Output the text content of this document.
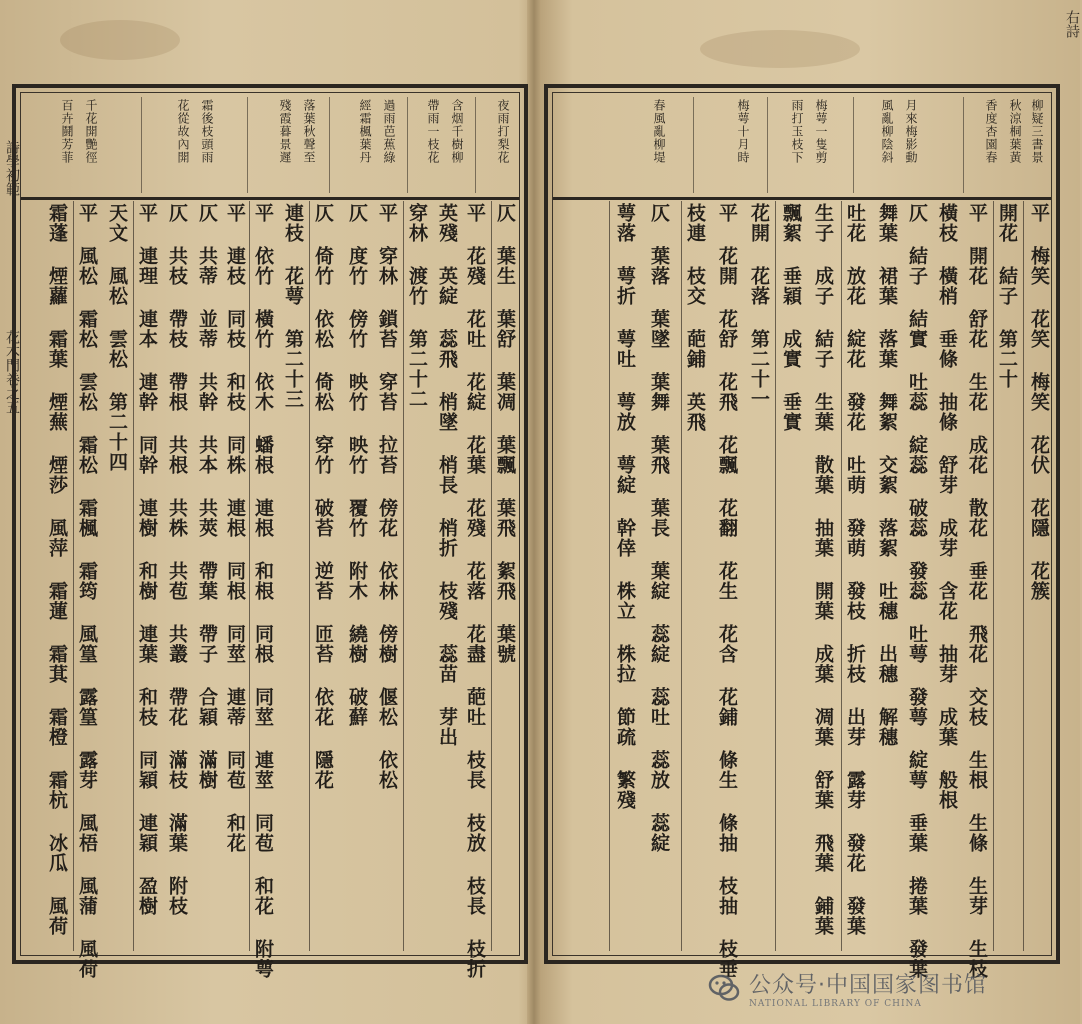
詩學初範
花木門卷之五
夜雨打梨花
含烟千樹柳
帶雨一枝花
過雨芭蕉綠
經霜楓葉丹
落葉秋聲至
殘霞暮景遲
霜後枝頭雨
花從故內開
千花開艷徑
百卉鬪芳菲
仄 葉生 葉舒 葉凋 葉飄 葉飛 絮飛 葉號
平 花殘 花吐 花綻 花葉 花殘 花落 花盡 葩吐 枝長 枝放 枝長 枝折
英殘 英綻 蕊飛 梢墜 梢長 梢折 枝殘 蕊苗 芽出
穿林 渡竹 第二十二
平 穿林 鎖苔 穿苔 拉苔 傍花 依林 傍樹 偃松 依松
仄 度竹 傍竹 映竹 映竹 覆竹 附木 繞樹 破蘚
仄 倚竹 依松 倚松 穿竹 破苔 逆苔 匝苔 依花 隱花
連枝 花萼 第二十三
平 依竹 橫竹 依木 蟠根 連根 和根 同根 同莖 連莖 同苞 和花 附萼
平 連枝 同枝 和枝 同株 連根 同根 同莖 連蒂 同苞 和花
仄 共蒂 並蒂 共幹 共本 共莢 帶葉 帶子 合穎 滿樹
仄 共枝 帶枝 帶根 共根 共株 共苞 共叢 帶花 滿枝 滿葉 附枝
平 連理 連本 連幹 同幹 連樹 和樹 連葉 和枝 同穎 連穎 盈樹
天文 風松 雲松 第二十四
平 風松 霜松 雲松 霜松 霜楓 霜筠 風篁 露篁 露芽 風梧 風蒲 風荷
霜蓬 煙蘿 霜葉 煙蕪 煙莎 風萍 霜蓮 霜萁 霜橙 霜杭 冰瓜 風荷
柳疑三書景
秋涼桐葉黃
香度杏園春
月來梅影動
風亂柳陰斜
梅萼一隻剪
雨打玉枝下
梅萼十月時
春風亂柳堤
平 梅笑 花笑 梅笑 花伏 花隱 花簇
開花 結子 第二十
平 開花 舒花 生花 成花 散花 垂花 飛花 交枝 生根 生條 生芽 生枝
橫枝 橫梢 垂條 抽條 舒芽 成芽 含花 抽芽 成葉 般根
仄 結子 結實 吐蕊 綻蕊 破蕊 發蕊 吐萼 發萼 綻萼 垂葉 捲葉 發葉
舞葉 裙葉 落葉 舞絮 交絮 落絮 吐穗 出穗 解穗
吐花 放花 綻花 發花 吐萌 發萌 發枝 折枝 出芽 露芽 發花 發葉
生子 成子 結子 生葉 散葉 抽葉 開葉 成葉 凋葉 舒葉 飛葉 鋪葉
飄絮 垂穎 成實 垂實
花開 花落 第二十一
平 花開 花舒 花飛 花飄 花翻 花生 花含 花鋪 條生 條抽 枝抽 枝垂
枝連 枝交 葩鋪 英飛
仄 葉落 葉墜 葉舞 葉飛 葉長 葉綻 蕊綻 蕊吐 蕊放 蕊綻
萼落 萼折 萼吐 萼放 萼綻 幹倖 株立 株拉 節疏 繁殘
右詩
公众号·中国国家图书馆
NATIONAL LIBRARY OF CHINA
